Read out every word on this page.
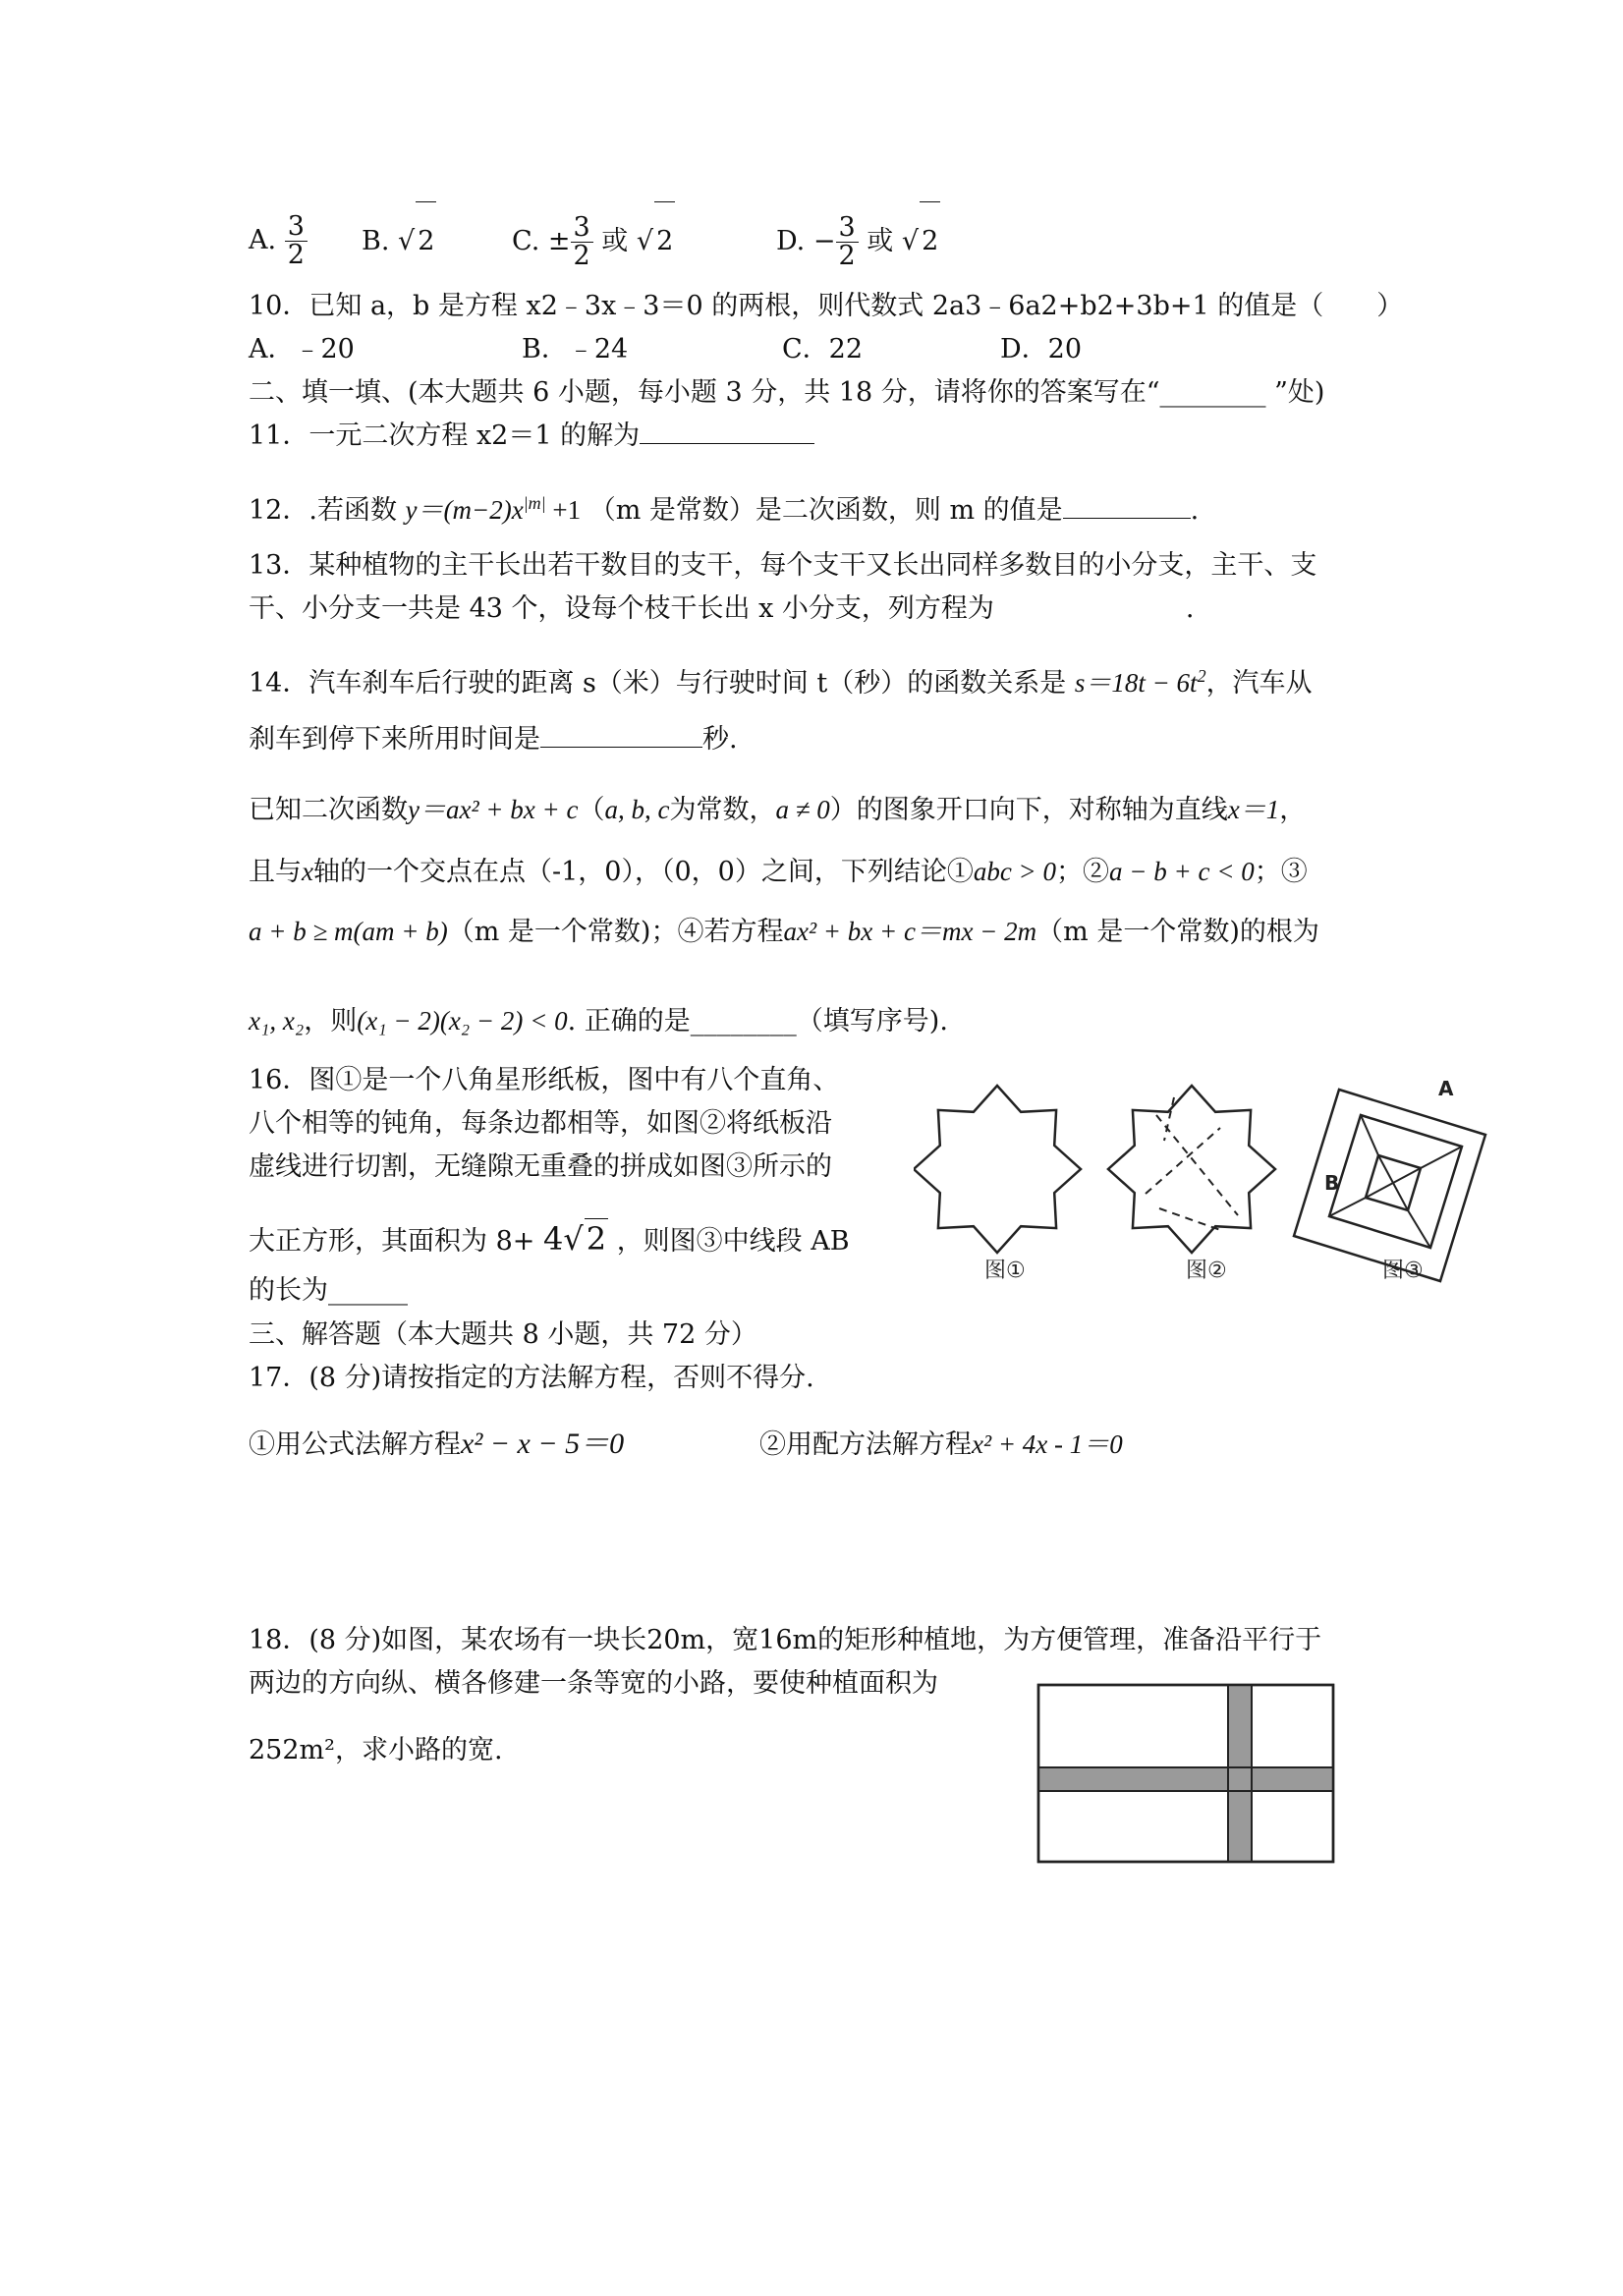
A. $\frac{3}{2} B$. √ 2	C. ± $\frac{3}{2}$ 或 √ 2	D. − $\frac{3}{2}$ 或 √ 2
10．已知 a，b 是方程 x2﹣3x﹣3＝0 的两根，则代数式 2a3﹣6a2+b2+3b+1 的值是（　　）
A．﹣20	B．﹣24	C．22	D．20
二、填一填、(本大题共 6 小题，每小题 3 分，共 18 分，请将你的答案写在“________ ”处)
11．一元二次方程 x2＝1 的解为
12．.若函数 $y=(m-2)x^{|m|} +1$ （m 是常数）是二次函数，则 m 的值是	.
13．某种植物的主干长出若干数目的支干，每个支干又长出同样多数目的小分支，主干、支
干、小分支一共是 43 个，设每个枝干长出 x 小分支，列方程为	.
14．汽车刹车后行驶的距离 s（米）与行驶时间 t（秒）的函数关系是 $s=18t - 6t^2$，汽车从
刹车到停下来所用时间是	秒.
已知二次函数y＝ax² + bx + c（a, b, c为常数，a ≠ 0）的图象开口向下，对称轴为直线x＝1，
且与x轴的一个交点在点（-1，0），（0，0）之间，下列结论①abc > 0；②a − b + c < 0；③
a + b ≥ m(am + b)（m 是一个常数)；④若方程ax² + bx + c＝mx − 2m（m 是一个常数)的根为
x₁, x₂，则(x₁ − 2)(x₂ − 2) < 0. 正确的是________（填写序号).
16．图①是一个八角星形纸板，图中有八个直角、
八个相等的钝角，每条边都相等，如图②将纸板沿
虚线进行切割，无缝隙无重叠的拼成如图③所示的
大正方形，其面积为 8+ 4√2 ，则图③中线段 AB
的长为______
A
B
图①	图②	图③
三、解答题（本大题共 8 小题，共 72 分）
17．(8 分)请按指定的方法解方程，否则不得分.
①用公式法解方程x² − x − 5＝0	②用配方法解方程x² + 4x - 1＝0
18．(8 分)如图，某农场有一块长20m，宽16m的矩形种植地，为方便管理，准备沿平行于
两边的方向纵、横各修建一条等宽的小路，要使种植面积为
252m²，求小路的宽.
